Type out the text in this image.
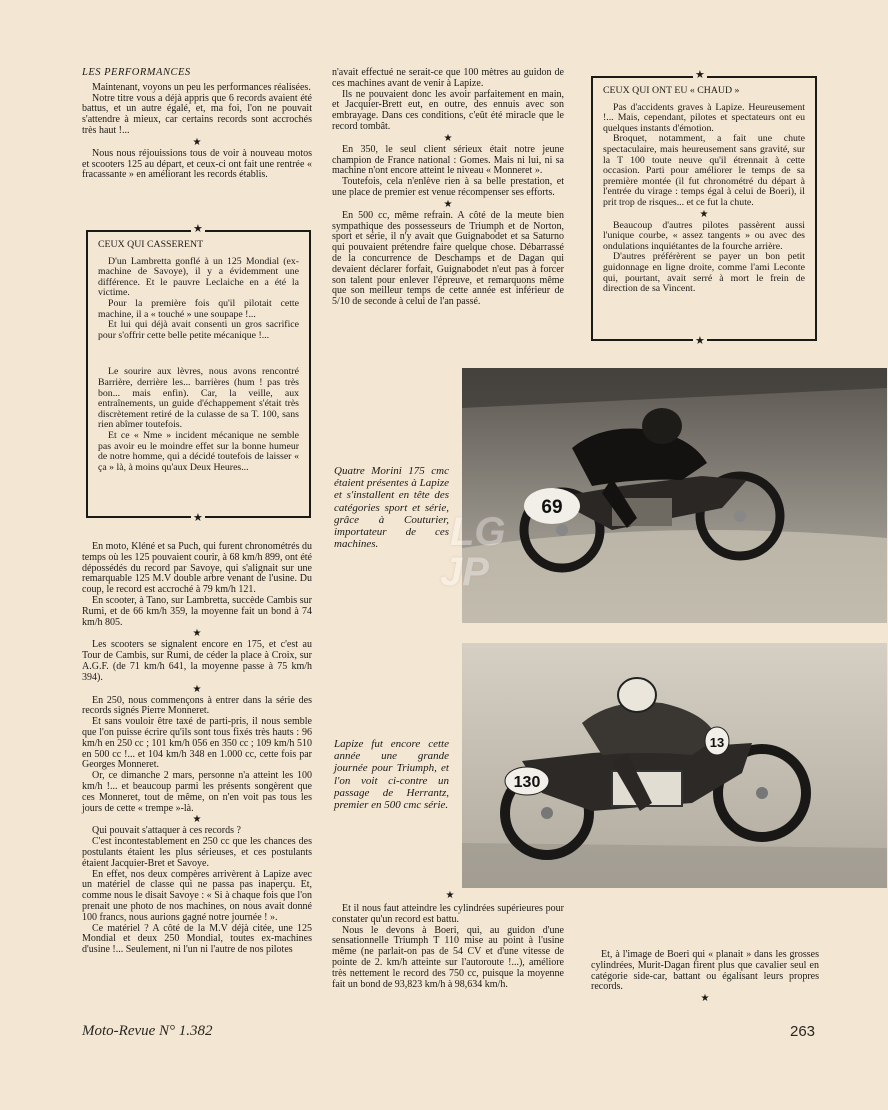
LES PERFORMANCES

Maintenant, voyons un peu les performances réalisées.

Notre titre vous a déjà appris que 6 records avaient été battus, et un autre égalé, et, ma foi, l'on ne pouvait s'attendre à mieux, car certains records sont accrochés très haut !...

★

Nous nous réjouissions tous de voir à nouveau motos et scooters 125 au départ, et ceux-ci ont fait une rentrée « fracassante » en améliorant les records établis.

CEUX QUI CASSERENT

D'un Lambretta gonflé à un 125 Mondial (ex-machine de Savoye), il y a évidemment une différence. Et le pauvre Leclaiche en a été la victime.

Pour la première fois qu'il pilotait cette machine, il a « touché » une soupape !...

Et lui qui déjà avait consenti un gros sacrifice pour s'offrir cette belle petite mécanique !...

Le sourire aux lèvres, nous avons rencontré Barrière, derrière les... barrières (hum ! pas très bon... mais enfin). Car, la veille, aux entraînements, un guide d'échappement s'était très discrètement retiré de la culasse de sa T. 100, sans rien abîmer toutefois.

Et ce « Nme » incident mécanique ne semble pas avoir eu le moindre effet sur la bonne humeur de notre homme, qui a décidé toutefois de laisser « ça » là, à moins qu'aux Deux Heures...

★
★

En moto, Kléné et sa Puch, qui furent chronométrés du temps où les 125 pouvaient courir, à 68 km/h 899, ont été dépossédés du record par Savoye, qui s'alignait sur une remarquable 125 M.V double arbre venant de l'usine. Du coup, le record est accroché à 79 km/h 121.

En scooter, à Tano, sur Lambretta, succède Cambis sur Rumi, et de 66 km/h 359, la moyenne fait un bond à 74 km/h 805.

★

Les scooters se signalent encore en 175, et c'est au Tour de Cambis, sur Rumi, de céder la place à Croix, sur A.G.F. (de 71 km/h 641, la moyenne passe à 75 km/h 394).

★

En 250, nous commençons à entrer dans la série des records signés Pierre Monneret.

Et sans vouloir être taxé de parti-pris, il nous semble que l'on puisse écrire qu'ils sont tous fixés très hauts : 96 km/h en 250 cc ; 101 km/h 056 en 350 cc ; 109 km/h 510 en 500 cc !... et 104 km/h 348 en 1.000 cc, cette fois par Georges Monneret.

Or, ce dimanche 2 mars, personne n'a atteint les 100 km/h !... et beaucoup parmi les présents songèrent que ces Monneret, tout de même, on n'en voit pas tous les jours de cette « trempe »-là.

★

Qui pouvait s'attaquer à ces records ?

C'est incontestablement en 250 cc que les chances des postulants étaient les plus sérieuses, et ces postulants étaient Jacquier-Bret et Savoye.

En effet, nos deux compères arrivèrent à Lapize avec un matériel de classe qui ne passa pas inaperçu. Et, comme nous le disait Savoye : « Si à chaque fois que l'on prenait une photo de nos machines, on nous avait donné 100 francs, nous aurions gagné notre journée ! ».

Ce matériel ? A côté de la M.V déjà citée, une 125 Mondial et deux 250 Mondial, toutes ex-machines d'usine !... Seulement, ni l'un ni l'autre de nos pilotes

n'avait effectué ne serait-ce que 100 mètres au guidon de ces machines avant de venir à Lapize.

Ils ne pouvaient donc les avoir parfaitement en main, et Jacquier-Brett eut, en outre, des ennuis avec son embrayage. Dans ces conditions, c'eût été miracle que le record tombât.

★

En 350, le seul client sérieux était notre jeune champion de France national : Gomes. Mais ni lui, ni sa machine n'ont encore atteint le niveau « Monneret ».

Toutefois, cela n'enlève rien à sa belle prestation, et une place de premier est venue récompenser ses efforts.

★

En 500 cc, même refrain. A côté de la meute bien sympathique des possesseurs de Triumph et de Norton, sport et série, il n'y avait que Guignabodet et sa Saturno qui pouvaient prétendre faire quelque chose. Débarrassé de la concurrence de Deschamps et de Dagan qui devaient déclarer forfait, Guignabodet n'eut pas à forcer son talent pour enlever l'épreuve, et remarquons même que son meilleur temps de cette année est inférieur de 5/10 de seconde à celui de l'an passé.

CEUX QUI ONT EU « CHAUD »

Pas d'accidents graves à Lapize. Heureusement !... Mais, cependant, pilotes et spectateurs ont eu quelques instants d'émotion.

Broquet, notamment, a fait une chute spectaculaire, mais heureusement sans gravité, sur la T 100 toute neuve qu'il étrennait à cette occasion. Parti pour améliorer le temps de sa première montée (il fut chronométré du départ à l'entrée du virage : temps égal à celui de Boeri), il prit trop de risques... et ce fut la chute.

★

Beaucoup d'autres pilotes passèrent aussi l'unique courbe, « assez tangents » ou avec des ondulations inquiétantes de la fourche arrière.

D'autres préférèrent se payer un bon petit guidonnage en ligne droite, comme l'ami Leconte qui, pourtant, avait serré à mort le frein de direction de sa Vincent.

★
★
69

Quatre Morini 175 cmc étaient présentes à Lapize et s'installent en tête des catégories sport et série, grâce à Couturier, importateur de ces machines.	LG
JP
130
13

Lapize fut encore cette année une grande journée pour Triumph, et l'on voit ci-contre un passage de Herrantz, premier en 500 cmc série.

★

Et il nous faut atteindre les cylindrées supérieures pour constater qu'un record est battu.

Nous le devons à Boeri, qui, au guidon d'une sensationnelle Triumph T 110 mise au point à l'usine même (ne parlait-on pas de 54 CV et d'une vitesse de pointe de 2. km/h atteinte sur l'autoroute !...), améliore très nettement le record des 750 cc, puisque la moyenne fait un bond de 93,823 km/h à 98,634 km/h.

Et, à l'image de Boeri qui « planait » dans les grosses cylindrées, Murit-Dagan firent plus que cavalier seul en catégorie side-car, battant ou égalisant leurs propres records.

★
Moto-Revue N° 1.382	263
